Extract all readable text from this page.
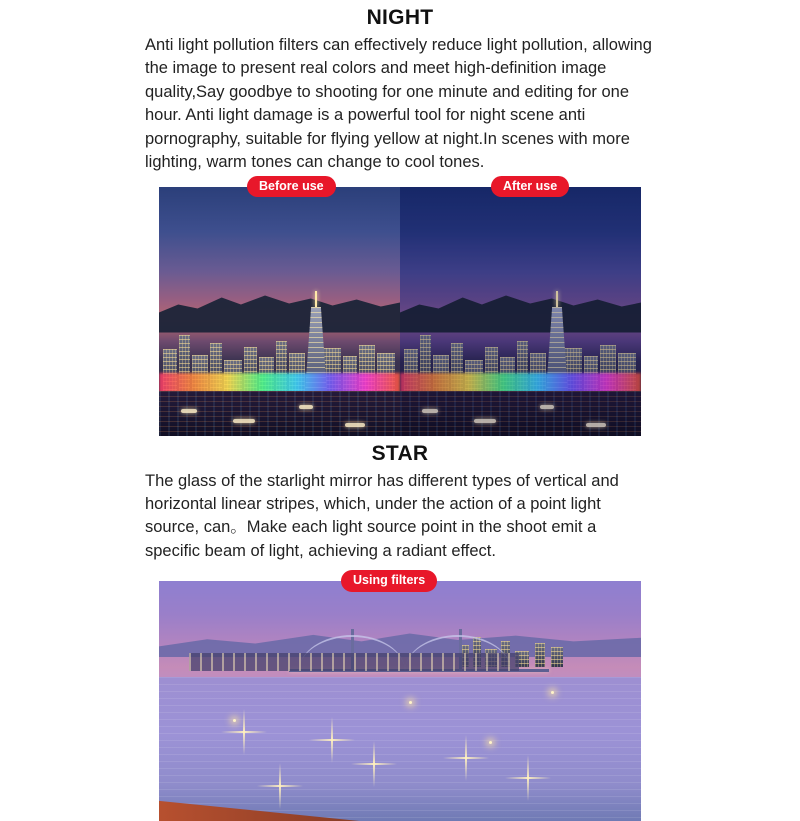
NIGHT

Anti light pollution filters can effectively reduce light pollution, allowing the image to present real colors and meet high-definition image quality,Say goodbye to shooting for one minute and editing for one hour. Anti light damage is a powerful tool for night scene anti pornography, suitable for flying yellow at night.In scenes with more lighting, warm tones can change to cool tones.

Before use	After use
STAR

The glass of the starlight mirror has different types of vertical and horizontal linear stripes, which, under the action of a point light source, can。Make each light source point in the shoot emit a specific beam of light, achieving a radiant effect.

Using filters
